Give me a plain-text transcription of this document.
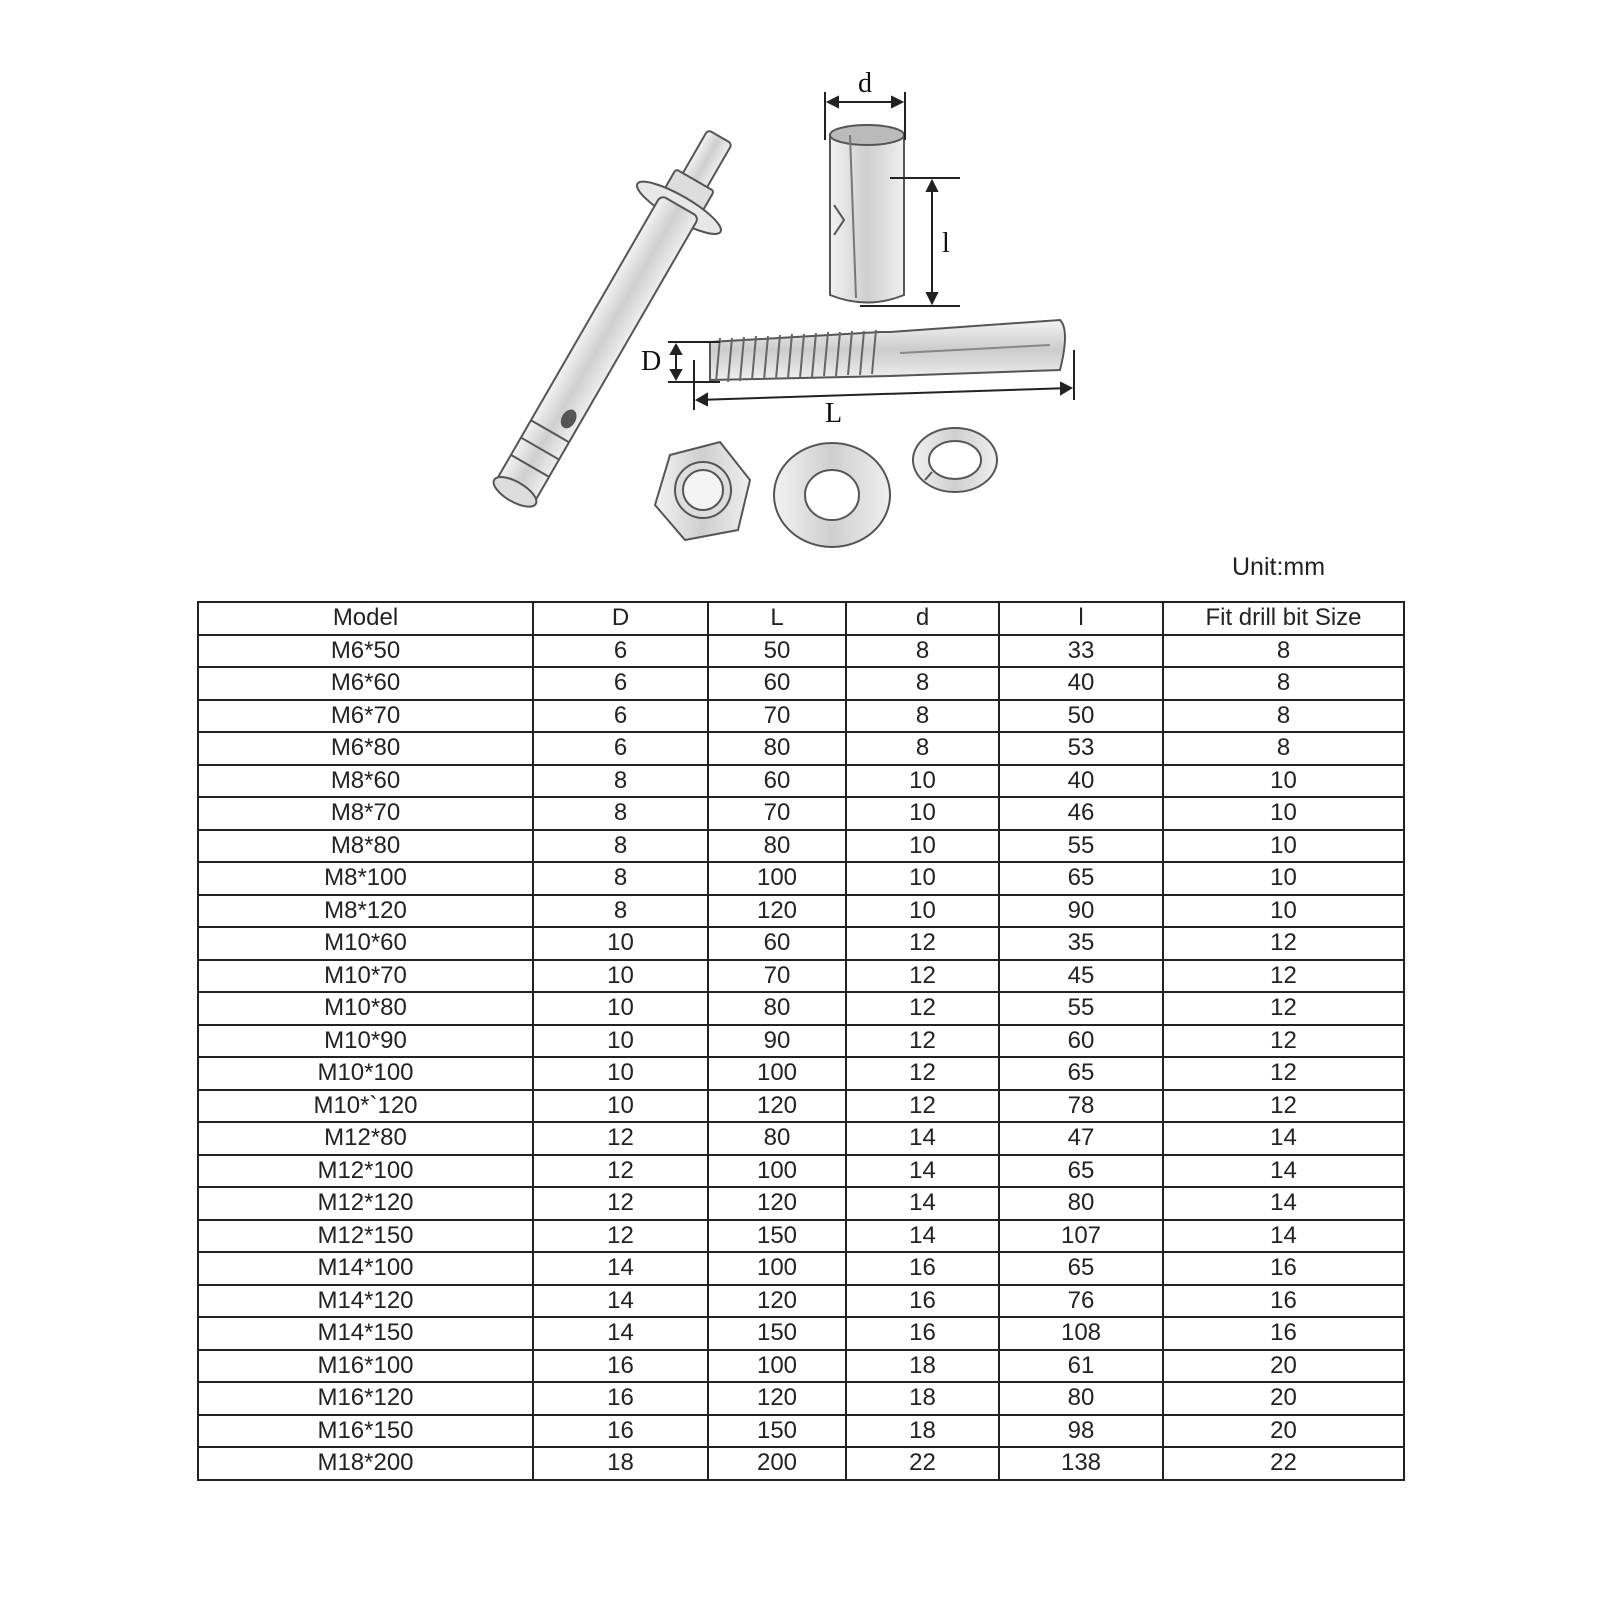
d
l
D
L
Unit:mm
Model	D	L	d	l	Fit drill bit Size
M6*50	6	50	8	33	8
M6*60	6	60	8	40	8
M6*70	6	70	8	50	8
M6*80	6	80	8	53	8
M8*60	8	60	10	40	10
M8*70	8	70	10	46	10
M8*80	8	80	10	55	10
M8*100	8	100	10	65	10
M8*120	8	120	10	90	10
M10*60	10	60	12	35	12
M10*70	10	70	12	45	12
M10*80	10	80	12	55	12
M10*90	10	90	12	60	12
M10*100	10	100	12	65	12
M10*`120	10	120	12	78	12
M12*80	12	80	14	47	14
M12*100	12	100	14	65	14
M12*120	12	120	14	80	14
M12*150	12	150	14	107	14
M14*100	14	100	16	65	16
M14*120	14	120	16	76	16
M14*150	14	150	16	108	16
M16*100	16	100	18	61	20
M16*120	16	120	18	80	20
M16*150	16	150	18	98	20
M18*200	18	200	22	138	22
